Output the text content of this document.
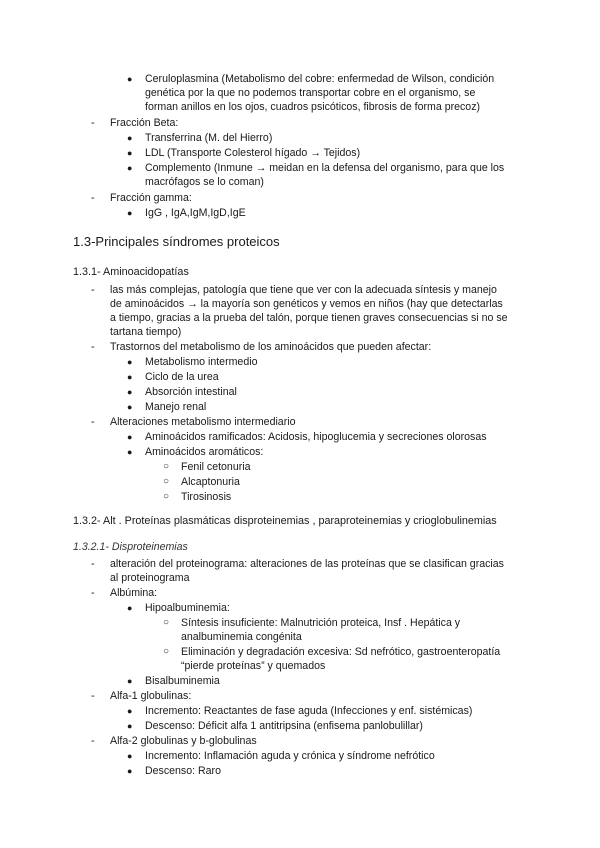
● Ceruloplasmina (Metabolismo del cobre: enfermedad de Wilson, condición
genética por la que no podemos transportar cobre en el organismo, se
forman anillos en los ojos, cuadros psicóticos, fibrosis de forma precoz)
- Fracción Beta:
● Transferrina (M. del Hierro)
● LDL (Transporte Colesterol hígado → Tejidos)
● Complemento (Inmune → meidan en la defensa del organismo, para que los
macrófagos se lo coman)
- Fracción gamma:
● IgG , IgA,IgM,IgD,IgE
1.3-Principales síndromes proteicos
1.3.1- Aminoacidopatías
- las más complejas, patología que tiene que ver con la adecuada síntesis y manejo
de aminoácidos → la mayoría son genéticos y vemos en niños (hay que detectarlas
a tiempo, gracias a la prueba del talón, porque tienen graves consecuencias si no se
tartana tiempo)
- Trastornos del metabolismo de los aminoácidos que pueden afectar:
● Metabolismo intermedio
● Ciclo de la urea
● Absorción intestinal
● Manejo renal
- Alteraciones metabolismo intermediario
● Aminoácidos ramificados: Acidosis, hipoglucemia y secreciones olorosas
● Aminoácidos aromáticos:
○ Fenil cetonuria
○ Alcaptonuria
○ Tirosinosis
1.3.2- Alt . Proteínas plasmáticas disproteinemias , paraproteinemias y crioglobulinemias
1.3.2.1- Disproteinemias
- alteración del proteinograma: alteraciones de las proteínas que se clasifican gracias
al proteinograma
- Albúmina:
● Hipoalbuminemia:
○ Síntesis insuficiente: Malnutrición proteica, Insf . Hepática y
analbuminemia congénita
○ Eliminación y degradación excesiva: Sd nefrótico, gastroenteropatía
“pierde proteínas” y quemados
● Bisalbuminemia
- Alfa-1 globulinas:
● Incremento: Reactantes de fase aguda (Infecciones y enf. sistémicas)
● Descenso: Déficit alfa 1 antitripsina (enfisema panlobulillar)
- Alfa-2 globulinas y b-globulinas
● Incremento: Inflamación aguda y crónica y síndrome nefrótico
● Descenso: Raro
